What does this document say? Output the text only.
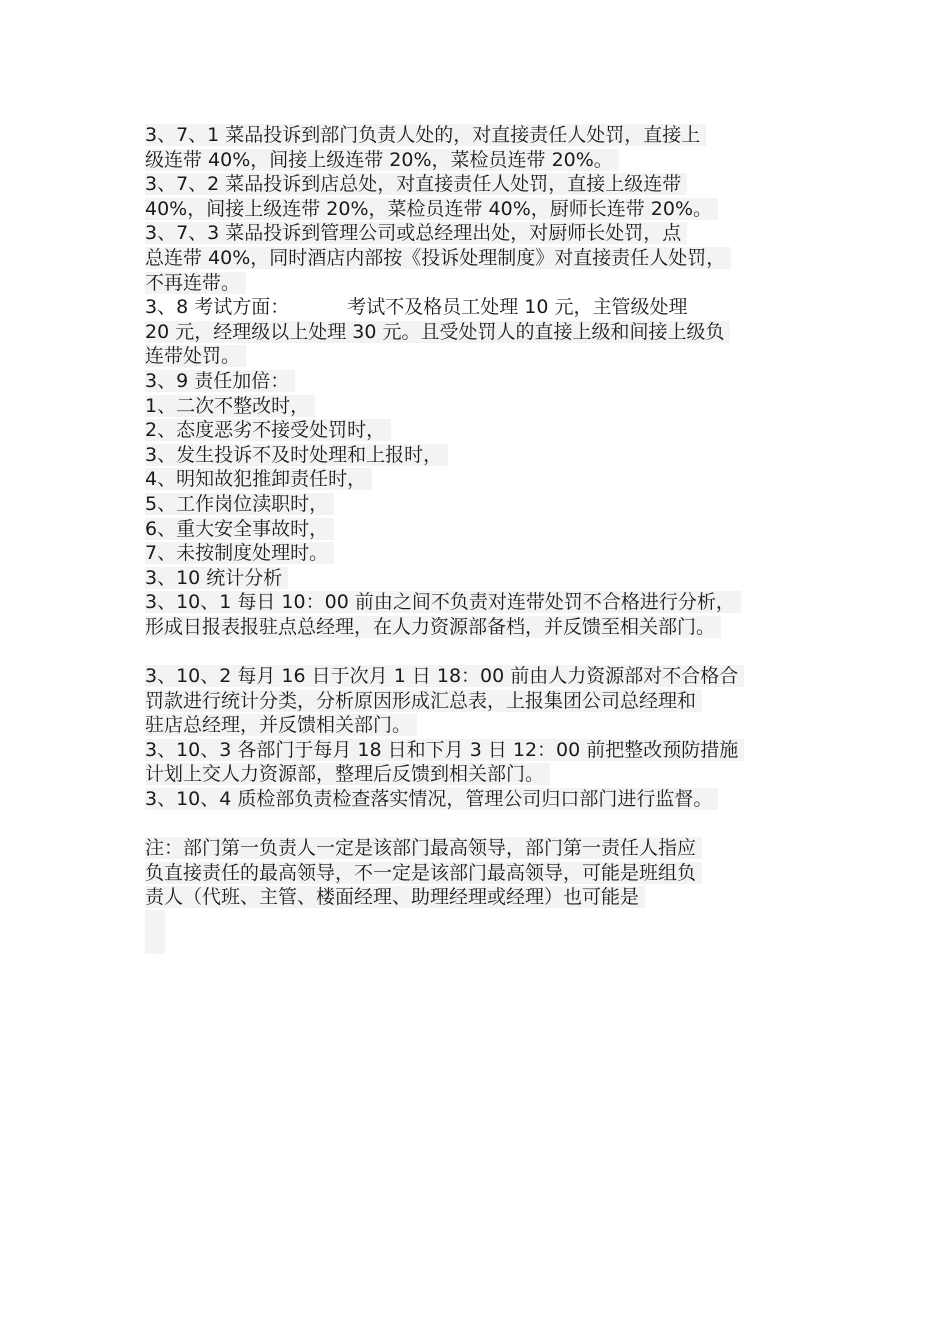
3、7、1 菜品投诉到部门负责人处的，对直接责任人处罚，直接上
级连带 40%，间接上级连带 20%，菜检员连带 20%。
3、7、2 菜品投诉到店总处，对直接责任人处罚，直接上级连带
40%，间接上级连带 20%，菜检员连带 40%，厨师长连带 20%。
3、7、3 菜品投诉到管理公司或总经理出处，对厨师长处罚，点
总连带 40%，同时酒店内部按《投诉处理制度》对直接责任人处罚，
不再连带。
3、8 考试方面：	考试不及格员工处理 10 元，主管级处理
20 元，经理级以上处理 30 元。且受处罚人的直接上级和间接上级负
连带处罚。
3、9 责任加倍：
1、二次不整改时，
2、态度恶劣不接受处罚时，
3、发生投诉不及时处理和上报时，
4、明知故犯推卸责任时，
5、工作岗位渎职时，
6、重大安全事故时，
7、未按制度处理时。
3、10 统计分析
3、10、1 每日 10：00 前由之间不负责对连带处罚不合格进行分析，
形成日报表报驻点总经理，在人力资源部备档，并反馈至相关部门。
3、10、2 每月 16 日于次月 1 日 18：00 前由人力资源部对不合格合
罚款进行统计分类，分析原因形成汇总表，上报集团公司总经理和
驻店总经理，并反馈相关部门。
3、10、3 各部门于每月 18 日和下月 3 日 12：00 前把整改预防措施
计划上交人力资源部，整理后反馈到相关部门。
3、10、4 质检部负责检查落实情况，管理公司归口部门进行监督。
注：部门第一负责人一定是该部门最高领导，部门第一责任人指应
负直接责任的最高领导，不一定是该部门最高领导，可能是班组负
责人（代班、主管、楼面经理、助理经理或经理）也可能是
